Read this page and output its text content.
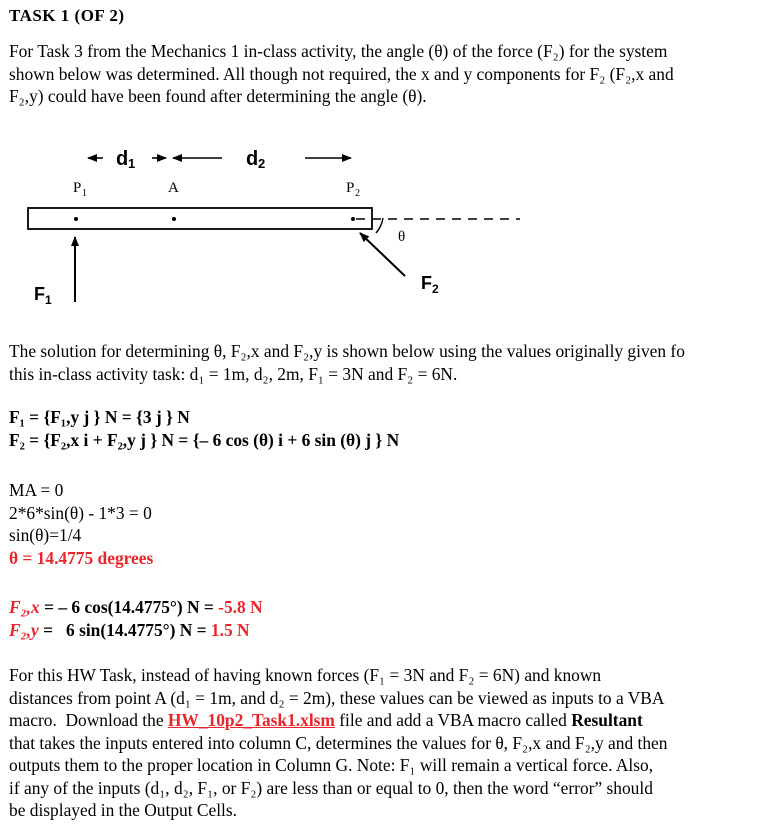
TASK 1 (OF 2)
For Task 3 from the Mechanics 1 in-class activity, the angle (θ) of the force (F₂) for the system
shown below was determined. All though not required, the x and y components for F₂ (F₂,x and
F₂,y) could have been found after determining the angle (θ).
d 1	d 2
P 1	A	P 2
θ
F 1
F 2
The solution for determining θ, F₂,x and F₂,y is shown below using the values originally given fo
this in-class activity task: d₁ = 1m, d₂, 2m, F₁ = 3N and F₂ = 6N.
F₁ = {F₁,y j } N = {3 j } N
F₂ = {F₂,x i + F₂,y j } N = {– 6 cos (θ) i + 6 sin (θ) j } N
MA = 0
2*6*sin(θ) - 1*3 = 0
sin(θ)=1/4
θ = 14.4775 degrees
F₂,x = – 6 cos(14.4775°) N = -5.8 N
F₂,y =   6 sin(14.4775°) N = 1.5 N
For this HW Task, instead of having known forces (F₁ = 3N and F₂ = 6N) and known
distances from point A (d₁ = 1m, and d₂ = 2m), these values can be viewed as inputs to a VBA
macro.  Download the HW_10p2_Task1.xlsm file and add a VBA macro called Resultant
that takes the inputs entered into column C, determines the values for θ, F₂,x and F₂,y and then
outputs them to the proper location in Column G. Note: F₁ will remain a vertical force. Also,
if any of the inputs (d₁, d₂, F₁, or F₂) are less than or equal to 0, then the word “error” should
be displayed in the Output Cells.
